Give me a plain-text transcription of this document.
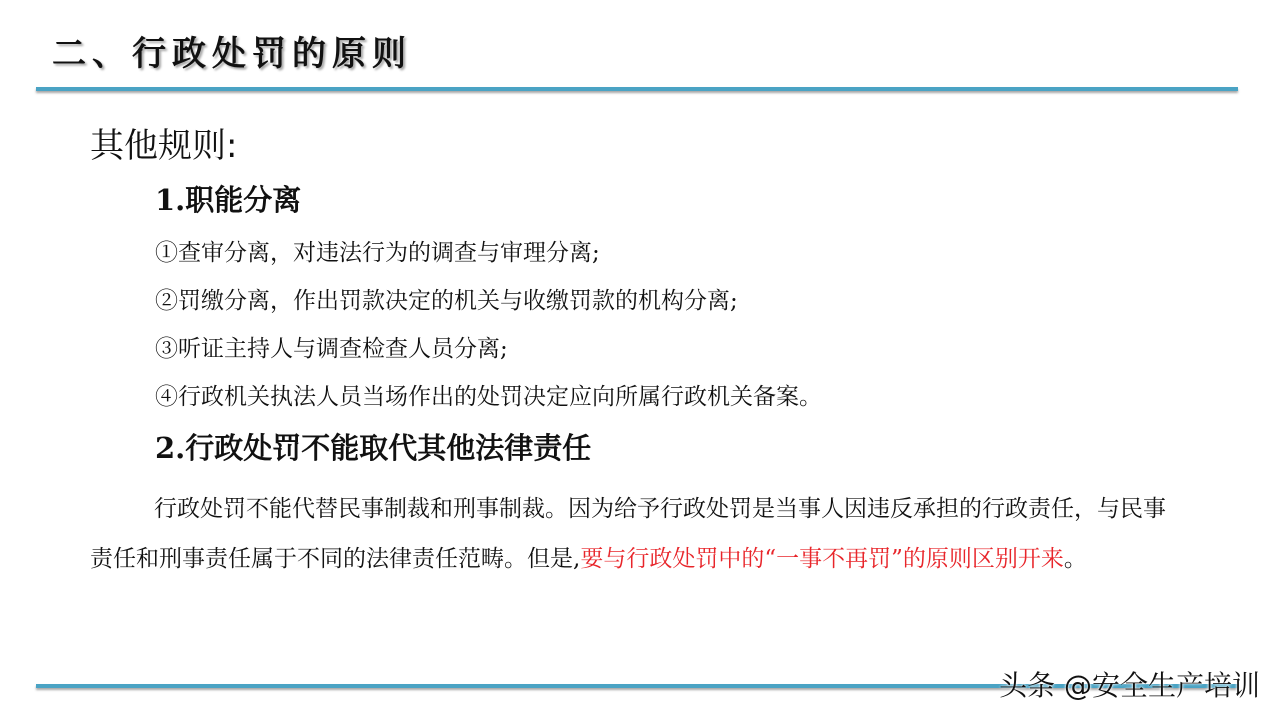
二、行政处罚的原则
其他规则:
1.职能分离
①查审分离，对违法行为的调查与审理分离;
②罚缴分离，作出罚款决定的机关与收缴罚款的机构分离;
③听证主持人与调查检查人员分离;
④行政机关执法人员当场作出的处罚决定应向所属行政机关备案。
2.行政处罚不能取代其他法律责任
行政处罚不能代替民事制裁和刑事制裁。因为给予行政处罚是当事人因违反承担的行政责任，与民事责任和刑事责任属于不同的法律责任范畴。但是,要与行政处罚中的“一事不再罚”的原则区别开来。
头条 @安全生产培训
